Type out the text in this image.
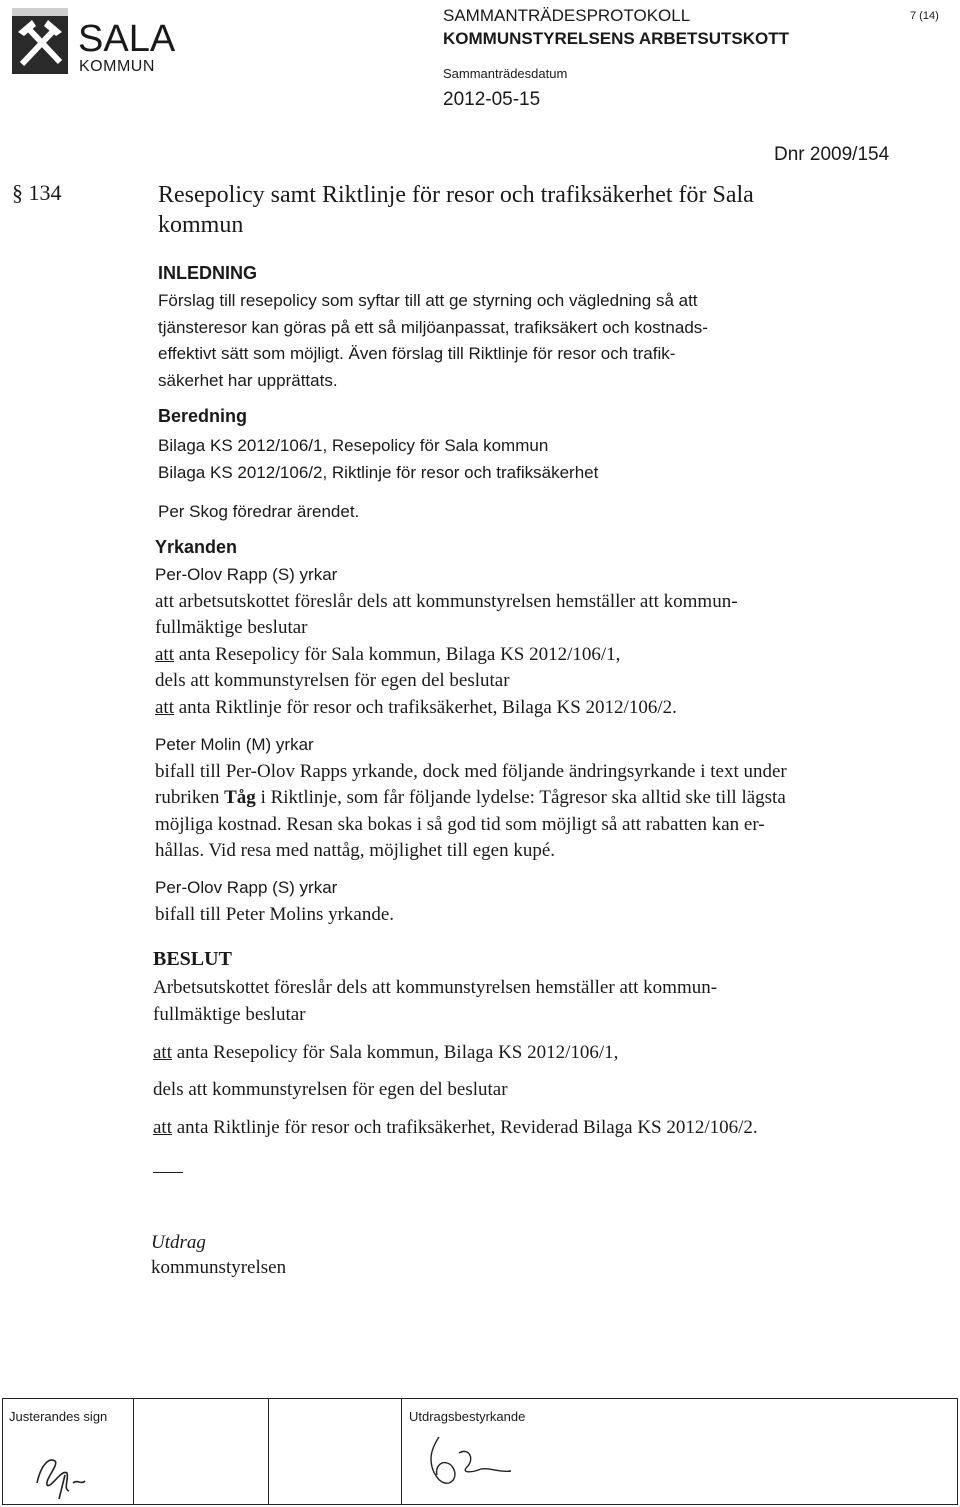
SALA
KOMMUN
SAMMANTRÄDESPROTOKOLL
KOMMUNSTYRELSENS ARBETSUTSKOTT
Sammanträdesdatum
2012-05-15
7 (14)
Dnr 2009/154
§ 134	Resepolicy samt Riktlinje för resor och trafiksäkerhet för Sala
kommun
INLEDNING
Förslag till resepolicy som syftar till att ge styrning och vägledning så att
tjänsteresor kan göras på ett så miljöanpassat, trafiksäkert och kostnads-
effektivt sätt som möjligt. Även förslag till Riktlinje för resor och trafik-
säkerhet har upprättats.
Beredning
Bilaga KS 2012/106/1, Resepolicy för Sala kommun
Bilaga KS 2012/106/2, Riktlinje för resor och trafiksäkerhet
Per Skog föredrar ärendet.
Yrkanden
Per-Olov Rapp (S) yrkar
att arbetsutskottet föreslår dels att kommunstyrelsen hemställer att kommun-
fullmäktige beslutar
att anta Resepolicy för Sala kommun, Bilaga KS 2012/106/1,
dels att kommunstyrelsen för egen del beslutar
att anta Riktlinje för resor och trafiksäkerhet, Bilaga KS 2012/106/2.
Peter Molin (M) yrkar
bifall till Per-Olov Rapps yrkande, dock med följande ändringsyrkande i text under
rubriken Tåg i Riktlinje, som får följande lydelse: Tågresor ska alltid ske till lägsta
möjliga kostnad. Resan ska bokas i så god tid som möjligt så att rabatten kan er-
hållas. Vid resa med nattåg, möjlighet till egen kupé.
Per-Olov Rapp (S) yrkar
bifall till Peter Molins yrkande.
BESLUT
Arbetsutskottet föreslår dels att kommunstyrelsen hemställer att kommun-
fullmäktige beslutar
att anta Resepolicy för Sala kommun, Bilaga KS 2012/106/1,
dels att kommunstyrelsen för egen del beslutar
att anta Riktlinje för resor och trafiksäkerhet, Reviderad Bilaga KS 2012/106/2.
Utdrag
kommunstyrelsen
Justerandes sign	Utdragsbestyrkande
